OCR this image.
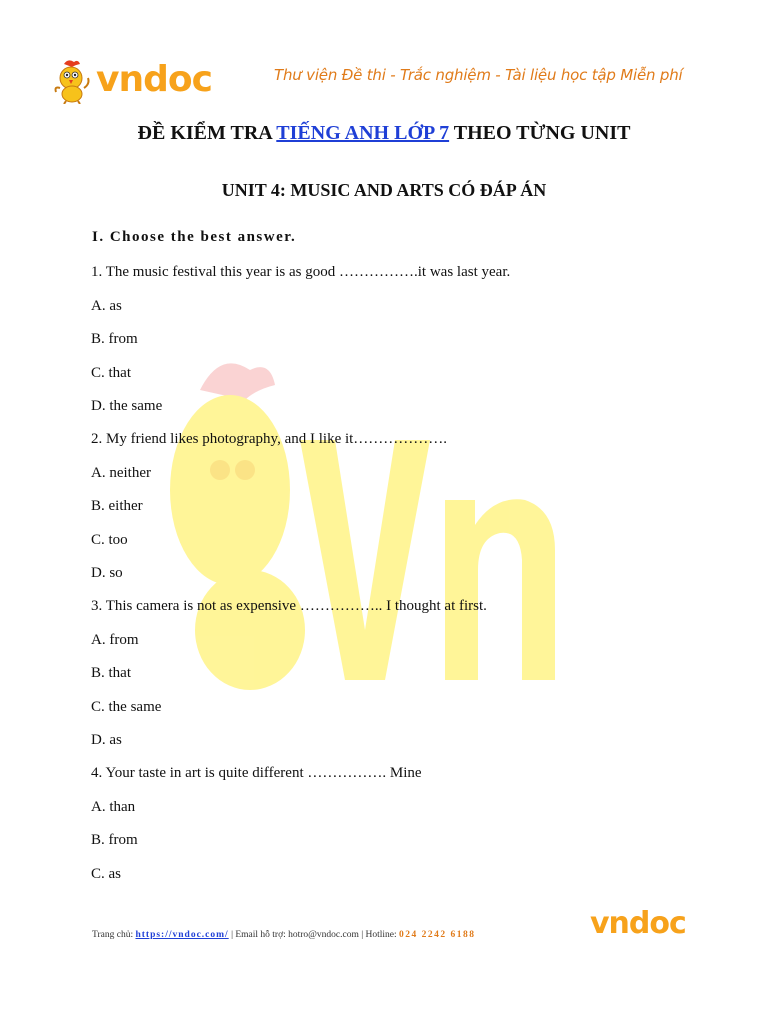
vndoc	Thư viện Đề thi - Trắc nghiệm - Tài liệu học tập Miễn phí
ĐỀ KIỂM TRA TIẾNG ANH LỚP 7 THEO TỪNG UNIT
UNIT 4: MUSIC AND ARTS CÓ ĐÁP ÁN
I. Choose the best answer.
1. The music festival this year is as good …………….it was last year.
A. as
B. from
C. that
D. the same
2. My friend likes photography, and I like it……………….
A. neither
B. either
C. too
D. so
3. This camera is not as expensive …………….. I thought at first.
A. from
B. that
C. the same
D. as
4. Your taste in art is quite different ……………. Mine
A. than
B. from
C. as
Trang chủ: https://vndoc.com/ | Email hỗ trợ: hotro@vndoc.com | Hotline: 024 2242 6188	vndoc
